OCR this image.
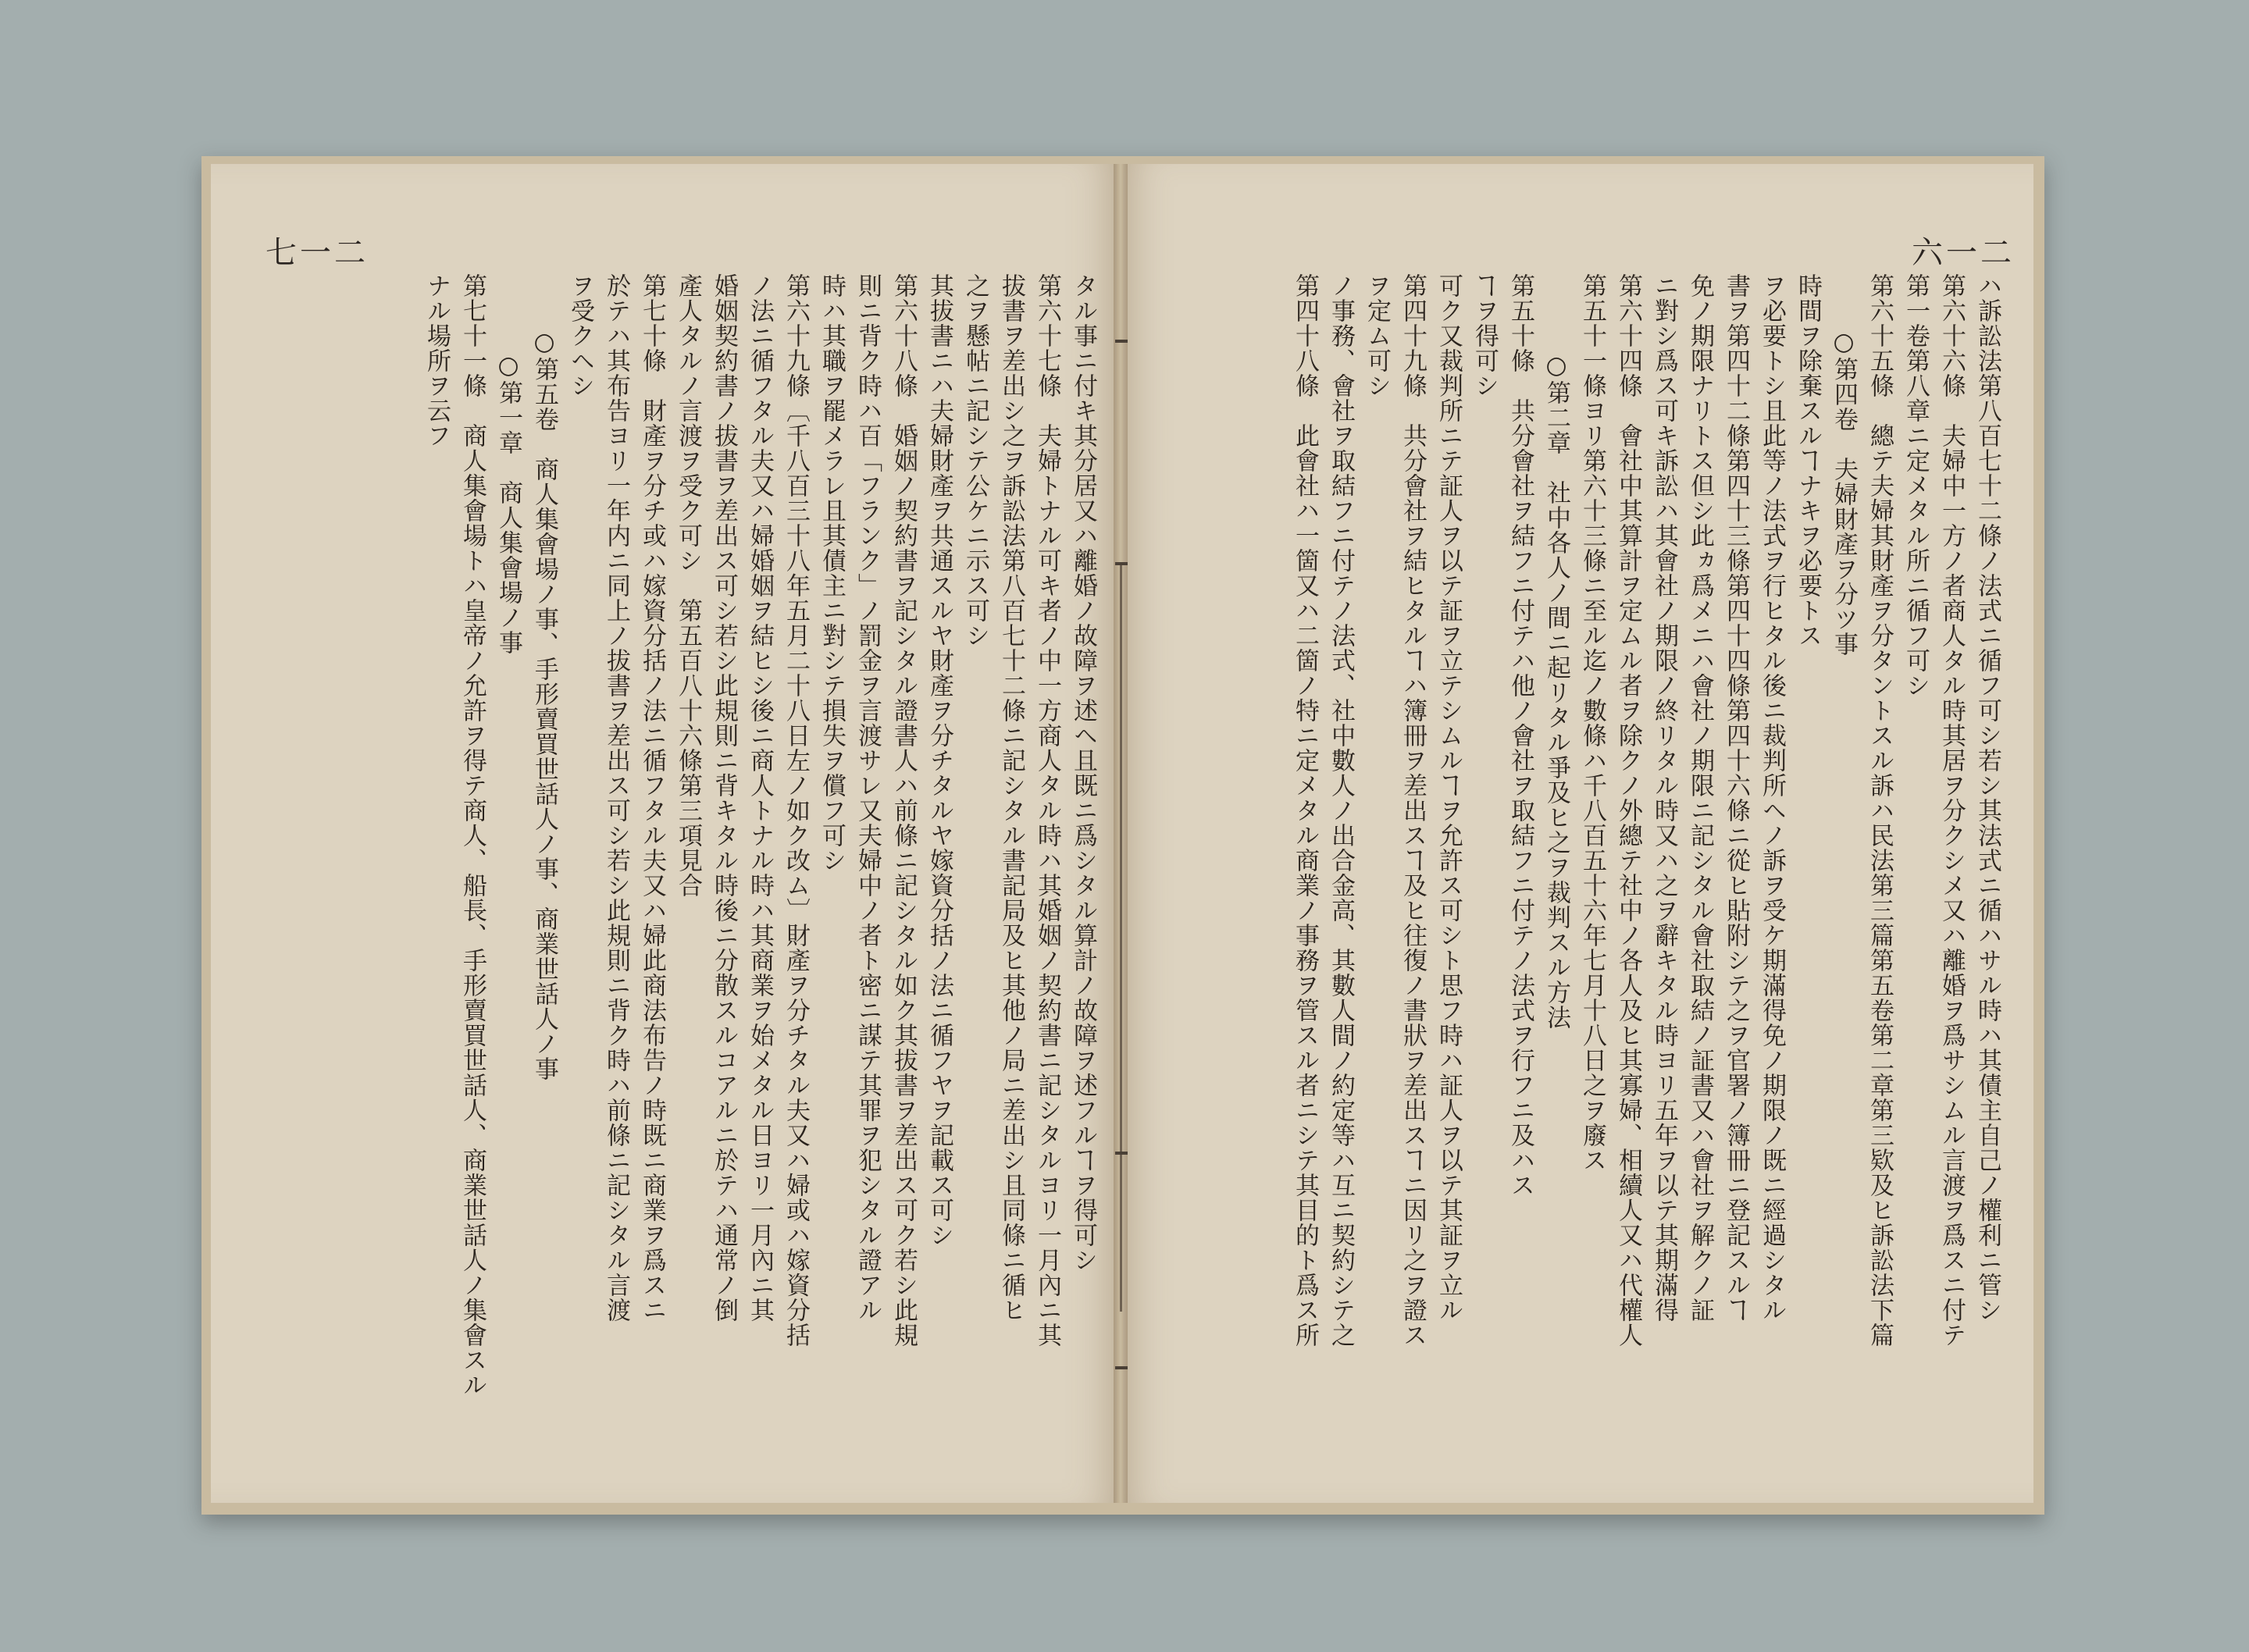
七一二
タル事ニ付キ其分居又ハ離婚ノ故障ヲ述ヘ且既ニ爲シタル算計ノ故障ヲ述フルヿヲ得可シ
第六十七條　夫婦トナル可キ者ノ中一方商人タル時ハ其婚姻ノ契約書ニ記シタルヨリ一月內ニ其
拔書ヲ差出シ之ヲ訴訟法第八百七十二條ニ記シタル書記局及ヒ其他ノ局ニ差出シ且同條ニ循ヒ
之ヲ懸帖ニ記シテ公ケニ示ス可シ
其拔書ニハ夫婦財產ヲ共通スルヤ財產ヲ分チタルヤ嫁資分括ノ法ニ循フヤヲ記載ス可シ
第六十八條　婚姻ノ契約書ヲ記シタル證書人ハ前條ニ記シタル如ク其拔書ヲ差出ス可ク若シ此規
則ニ背ク時ハ百「フランク」ノ罰金ヲ言渡サレ又夫婦中ノ者ト密ニ謀テ其罪ヲ犯シタル證アル
時ハ其職ヲ罷メラレ且其債主ニ對シテ損失ヲ償フ可シ
第六十九條〔千八百三十八年五月二十八日左ノ如ク改ム〕財產ヲ分チタル夫又ハ婦或ハ嫁資分括
ノ法ニ循フタル夫又ハ婦婚姻ヲ結ヒシ後ニ商人トナル時ハ其商業ヲ始メタル日ヨリ一月內ニ其
婚姻契約書ノ拔書ヲ差出ス可シ若シ此規則ニ背キタル時後ニ分散スルコアルニ於テハ通常ノ倒
產人タルノ言渡ヲ受ク可シ　第五百八十六條第三項見合
第七十條　財產ヲ分チ或ハ嫁資分括ノ法ニ循フタル夫又ハ婦此商法布告ノ時既ニ商業ヲ爲スニ
於テハ其布告ヨリ一年内ニ同上ノ拔書ヲ差出ス可シ若シ此規則ニ背ク時ハ前條ニ記シタル言渡
ヲ受クヘシ
○第五卷　商人集會場ノ事、手形賣買世話人ノ事、商業世話人ノ事
○第一章　商人集會場ノ事
第七十一條　商人集會場トハ皇帝ノ允許ヲ得テ商人、船長、手形賣買世話人、商業世話人ノ集會スル
ナル場所ヲ云フ
六一二
ハ訴訟法第八百七十二條ノ法式ニ循フ可シ若シ其法式ニ循ハサル時ハ其債主自己ノ權利ニ管シ
第六十六條　夫婦中一方ノ者商人タル時其居ヲ分クシメ又ハ離婚ヲ爲サシムル言渡ヲ爲スニ付テ
第一卷第八章ニ定メタル所ニ循フ可シ
第六十五條　總テ夫婦其財產ヲ分タントスル訴ハ民法第三篇第五卷第二章第三欵及ヒ訴訟法下篇
○第四卷　夫婦財產ヲ分ツ事
時間ヲ除棄スルヿナキヲ必要トス
ヲ必要トシ且此等ノ法式ヲ行ヒタル後ニ裁判所ヘノ訴ヲ受ケ期滿得免ノ期限ノ既ニ經過シタル
書ヲ第四十二條第四十三條第四十四條第四十六條ニ從ヒ貼附シテ之ヲ官署ノ簿冊ニ登記スルヿ
免ノ期限ナリトス但シ此ヵ爲メニハ會社ノ期限ニ記シタル會社取結ノ証書又ハ會社ヲ解クノ証
ニ對シ爲ス可キ訴訟ハ其會社ノ期限ノ終リタル時又ハ之ヲ辭キタル時ヨリ五年ヲ以テ其期滿得
第六十四條　會社中其算計ヲ定ムル者ヲ除クノ外總テ社中ノ各人及ヒ其寡婦、相續人又ハ代權人
第五十一條ヨリ第六十三條ニ至ル迄ノ數條ハ千八百五十六年七月十八日之ヲ廢ス
○第二章　社中各人ノ間ニ起リタル爭及ヒ之ヲ裁判スル方法
第五十條　共分會社ヲ結フニ付テハ他ノ會社ヲ取結フニ付テノ法式ヲ行フニ及ハス
ヿヲ得可シ
可ク又裁判所ニテ証人ヲ以テ証ヲ立テシムルヿヲ允許ス可シト思フ時ハ証人ヲ以テ其証ヲ立ル
第四十九條　共分會社ヲ結ヒタルヿハ簿冊ヲ差出スヿ及ヒ往復ノ書狀ヲ差出スヿニ因リ之ヲ證ス
ヲ定ム可シ
ノ事務、會社ヲ取結フニ付テノ法式、社中數人ノ出合金高、其數人間ノ約定等ハ互ニ契約シテ之
第四十八條　此會社ハ一箇又ハ二箇ノ特ニ定メタル商業ノ事務ヲ管スル者ニシテ其目的ト爲ス所
